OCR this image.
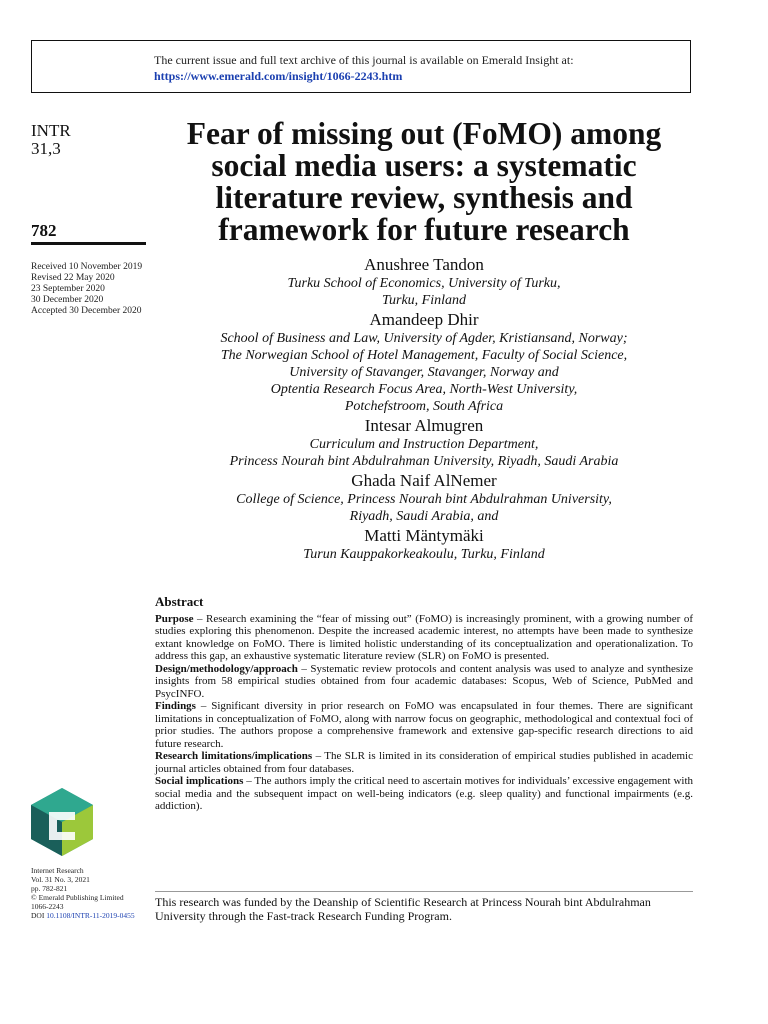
The current issue and full text archive of this journal is available on Emerald Insight at:
https://www.emerald.com/insight/1066-2243.htm
INTR
31,3
782
Received 10 November 2019
Revised 22 May 2020
23 September 2020
30 December 2020
Accepted 30 December 2020
Fear of missing out (FoMO) among social media users: a systematic literature review, synthesis and framework for future research
Anushree Tandon
Turku School of Economics, University of Turku,
Turku, Finland
Amandeep Dhir
School of Business and Law, University of Agder, Kristiansand, Norway;
The Norwegian School of Hotel Management, Faculty of Social Science,
University of Stavanger, Stavanger, Norway and
Optentia Research Focus Area, North-West University,
Potchefstroom, South Africa
Intesar Almugren
Curriculum and Instruction Department,
Princess Nourah bint Abdulrahman University, Riyadh, Saudi Arabia
Ghada Naif AlNemer
College of Science, Princess Nourah bint Abdulrahman University,
Riyadh, Saudi Arabia, and
Matti Mäntymäki
Turun Kauppakorkeakoulu, Turku, Finland
Abstract

Purpose – Research examining the “fear of missing out” (FoMO) is increasingly prominent, with a growing number of studies exploring this phenomenon. Despite the increased academic interest, no attempts have been made to synthesize extant knowledge on FoMO. There is limited holistic understanding of its conceptualization and operationalization. To address this gap, an exhaustive systematic literature review (SLR) on FoMO is presented.

Design/methodology/approach – Systematic review protocols and content analysis was used to analyze and synthesize insights from 58 empirical studies obtained from four academic databases: Scopus, Web of Science, PubMed and PsycINFO.

Findings – Significant diversity in prior research on FoMO was encapsulated in four themes. There are significant limitations in conceptualization of FoMO, along with narrow focus on geographic, methodological and contextual foci of prior studies. The authors propose a comprehensive framework and extensive gap-specific research directions to aid future research.

Research limitations/implications – The SLR is limited in its consideration of empirical studies published in academic journal articles obtained from four databases.

Social implications – The authors imply the critical need to ascertain motives for individuals’ excessive engagement with social media and the subsequent impact on well-being indicators (e.g. sleep quality) and functional impairments (e.g. addiction).

Internet Research
Vol. 31 No. 3, 2021
pp. 782-821
© Emerald Publishing Limited
1066-2243
DOI 10.1108/INTR-11-2019-0455
This research was funded by the Deanship of Scientific Research at Princess Nourah bint Abdulrahman University through the Fast-track Research Funding Program.
